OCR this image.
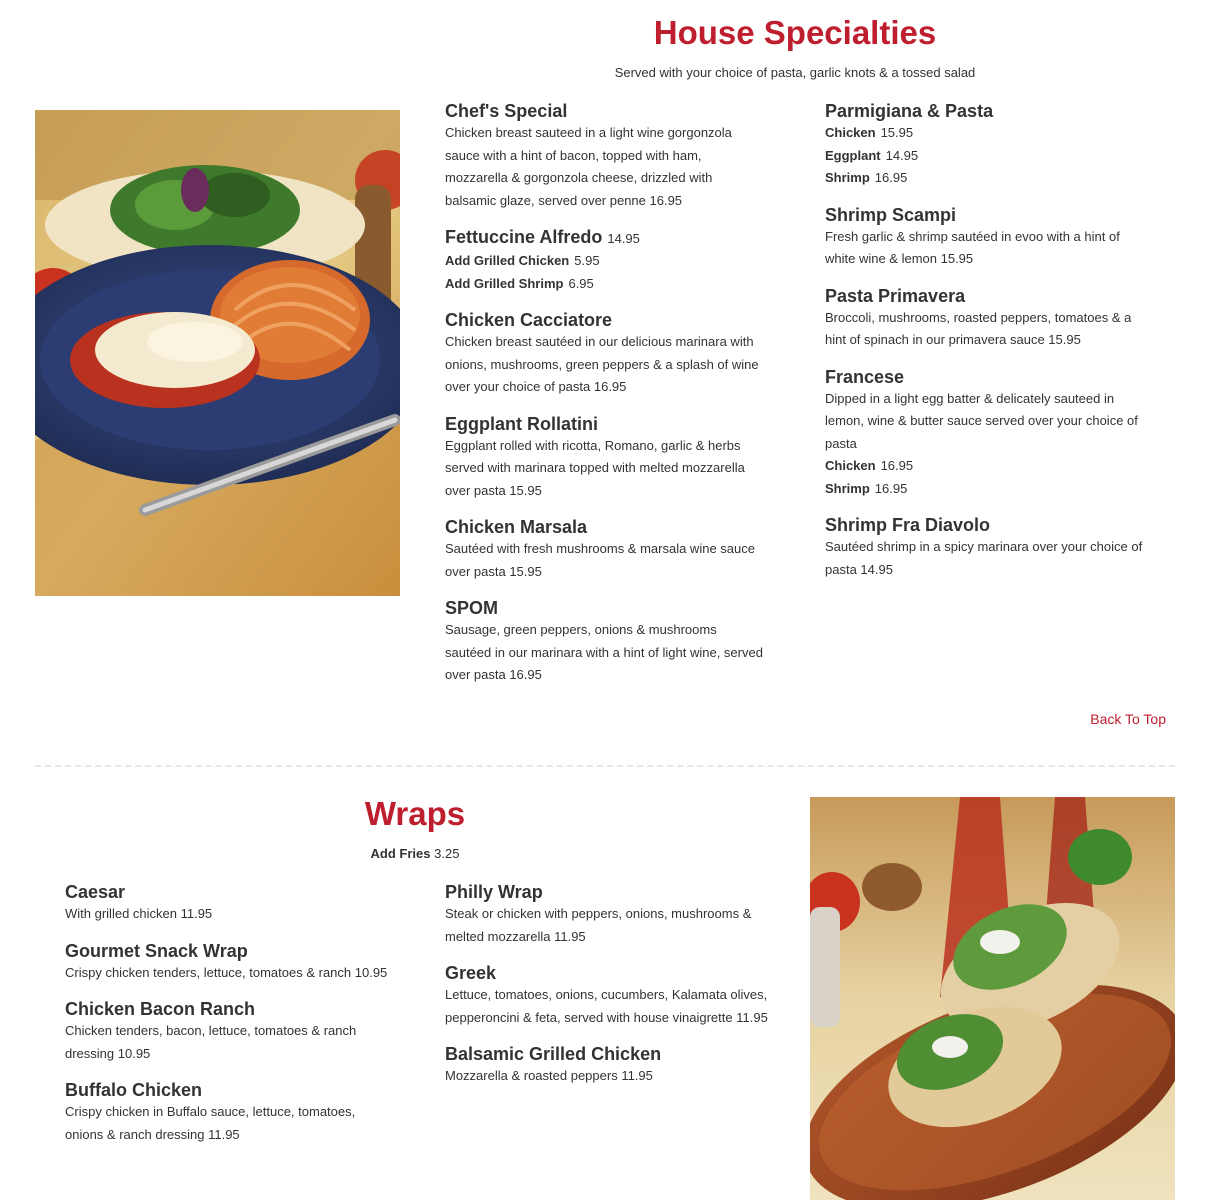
House Specialties
Served with your choice of pasta, garlic knots & a tossed salad
Chef's Special
Chicken breast sauteed in a light wine gorgonzola sauce with a hint of bacon, topped with ham, mozzarella & gorgonzola cheese, drizzled with balsamic glaze, served over penne 16.95
Fettuccine Alfredo 14.95
Add Grilled Chicken 5.95
Add Grilled Shrimp 6.95
Chicken Cacciatore
Chicken breast sautéed in our delicious marinara with onions, mushrooms, green peppers & a splash of wine over your choice of pasta 16.95
Eggplant Rollatini
Eggplant rolled with ricotta, Romano, garlic & herbs served with marinara topped with melted mozzarella over pasta 15.95
Chicken Marsala
Sautéed with fresh mushrooms & marsala wine sauce over pasta 15.95
SPOM
Sausage, green peppers, onions & mushrooms sautéed in our marinara with a hint of light wine, served over pasta 16.95
Parmigiana & Pasta
Chicken 15.95
Eggplant 14.95
Shrimp 16.95
Shrimp Scampi
Fresh garlic & shrimp sautéed in evoo with a hint of white wine & lemon 15.95
Pasta Primavera
Broccoli, mushrooms, roasted peppers, tomatoes & a hint of spinach in our primavera sauce 15.95
Francese
Dipped in a light egg batter & delicately sauteed in lemon, wine & butter sauce served over your choice of pasta
Chicken 16.95
Shrimp 16.95
Shrimp Fra Diavolo
Sautéed shrimp in a spicy marinara over your choice of pasta 14.95
Back To Top
Wraps
Add Fries 3.25
Caesar
With grilled chicken 11.95
Gourmet Snack Wrap
Crispy chicken tenders, lettuce, tomatoes & ranch 10.95
Chicken Bacon Ranch
Chicken tenders, bacon, lettuce, tomatoes & ranch dressing 10.95
Buffalo Chicken
Crispy chicken in Buffalo sauce, lettuce, tomatoes, onions & ranch dressing 11.95
Philly Wrap
Steak or chicken with peppers, onions, mushrooms & melted mozzarella 11.95
Greek
Lettuce, tomatoes, onions, cucumbers, Kalamata olives, pepperoncini & feta, served with house vinaigrette 11.95
Balsamic Grilled Chicken
Mozzarella & roasted peppers 11.95
